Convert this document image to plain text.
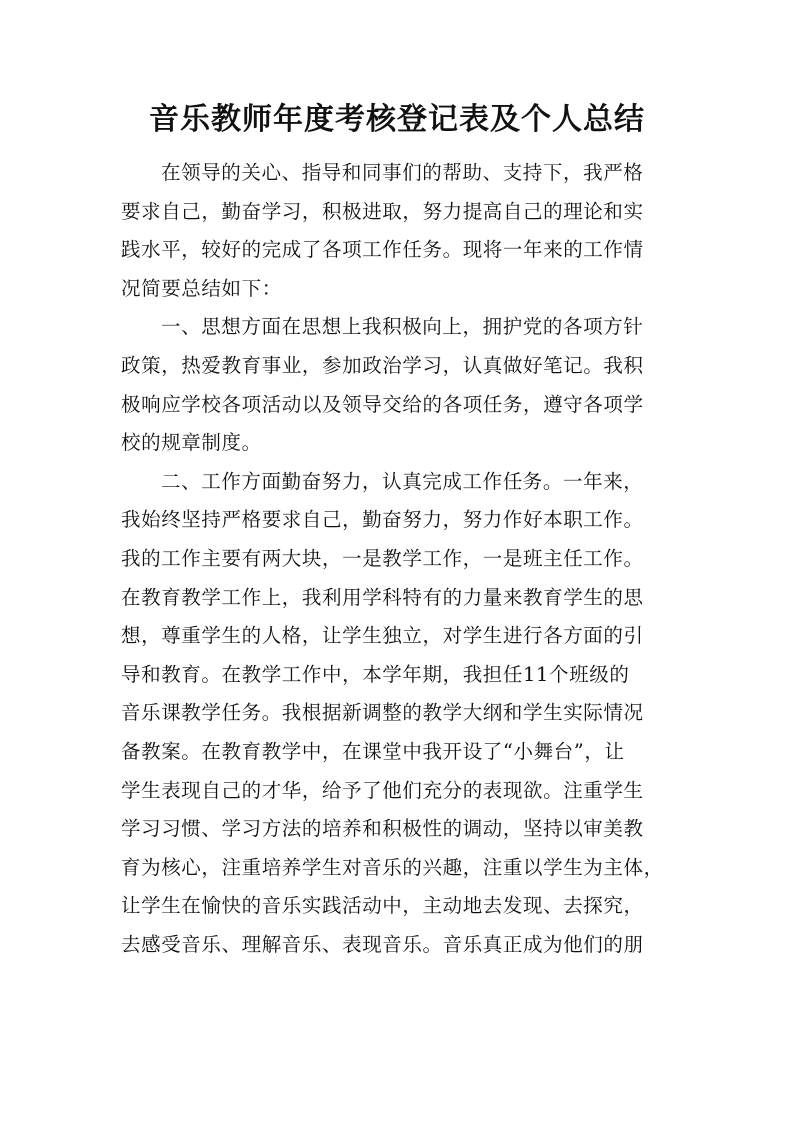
音乐教师年度考核登记表及个人总结
在领导的关心、指导和同事们的帮助、支持下，我严格
要求自己，勤奋学习，积极进取，努力提高自己的理论和实
践水平，较好的完成了各项工作任务。现将一年来的工作情
况简要总结如下：
一、思想方面在思想上我积极向上，拥护党的各项方针
政策，热爱教育事业，参加政治学习，认真做好笔记。我积
极响应学校各项活动以及领导交给的各项任务，遵守各项学
校的规章制度。
二、工作方面勤奋努力，认真完成工作任务。一年来，
我始终坚持严格要求自己，勤奋努力，努力作好本职工作。
我的工作主要有两大块，一是教学工作，一是班主任工作。
在教育教学工作上，我利用学科特有的力量来教育学生的思
想，尊重学生的人格，让学生独立，对学生进行各方面的引
导和教育。在教学工作中，本学年期，我担任11个班级的
音乐课教学任务。我根据新调整的教学大纲和学生实际情况
备教案。在教育教学中，在课堂中我开设了“小舞台”，让
学生表现自己的才华，给予了他们充分的表现欲。注重学生
学习习惯、学习方法的培养和积极性的调动，坚持以审美教
育为核心，注重培养学生对音乐的兴趣，注重以学生为主体，
让学生在愉快的音乐实践活动中，主动地去发现、去探究，
去感受音乐、理解音乐、表现音乐。音乐真正成为他们的朋
